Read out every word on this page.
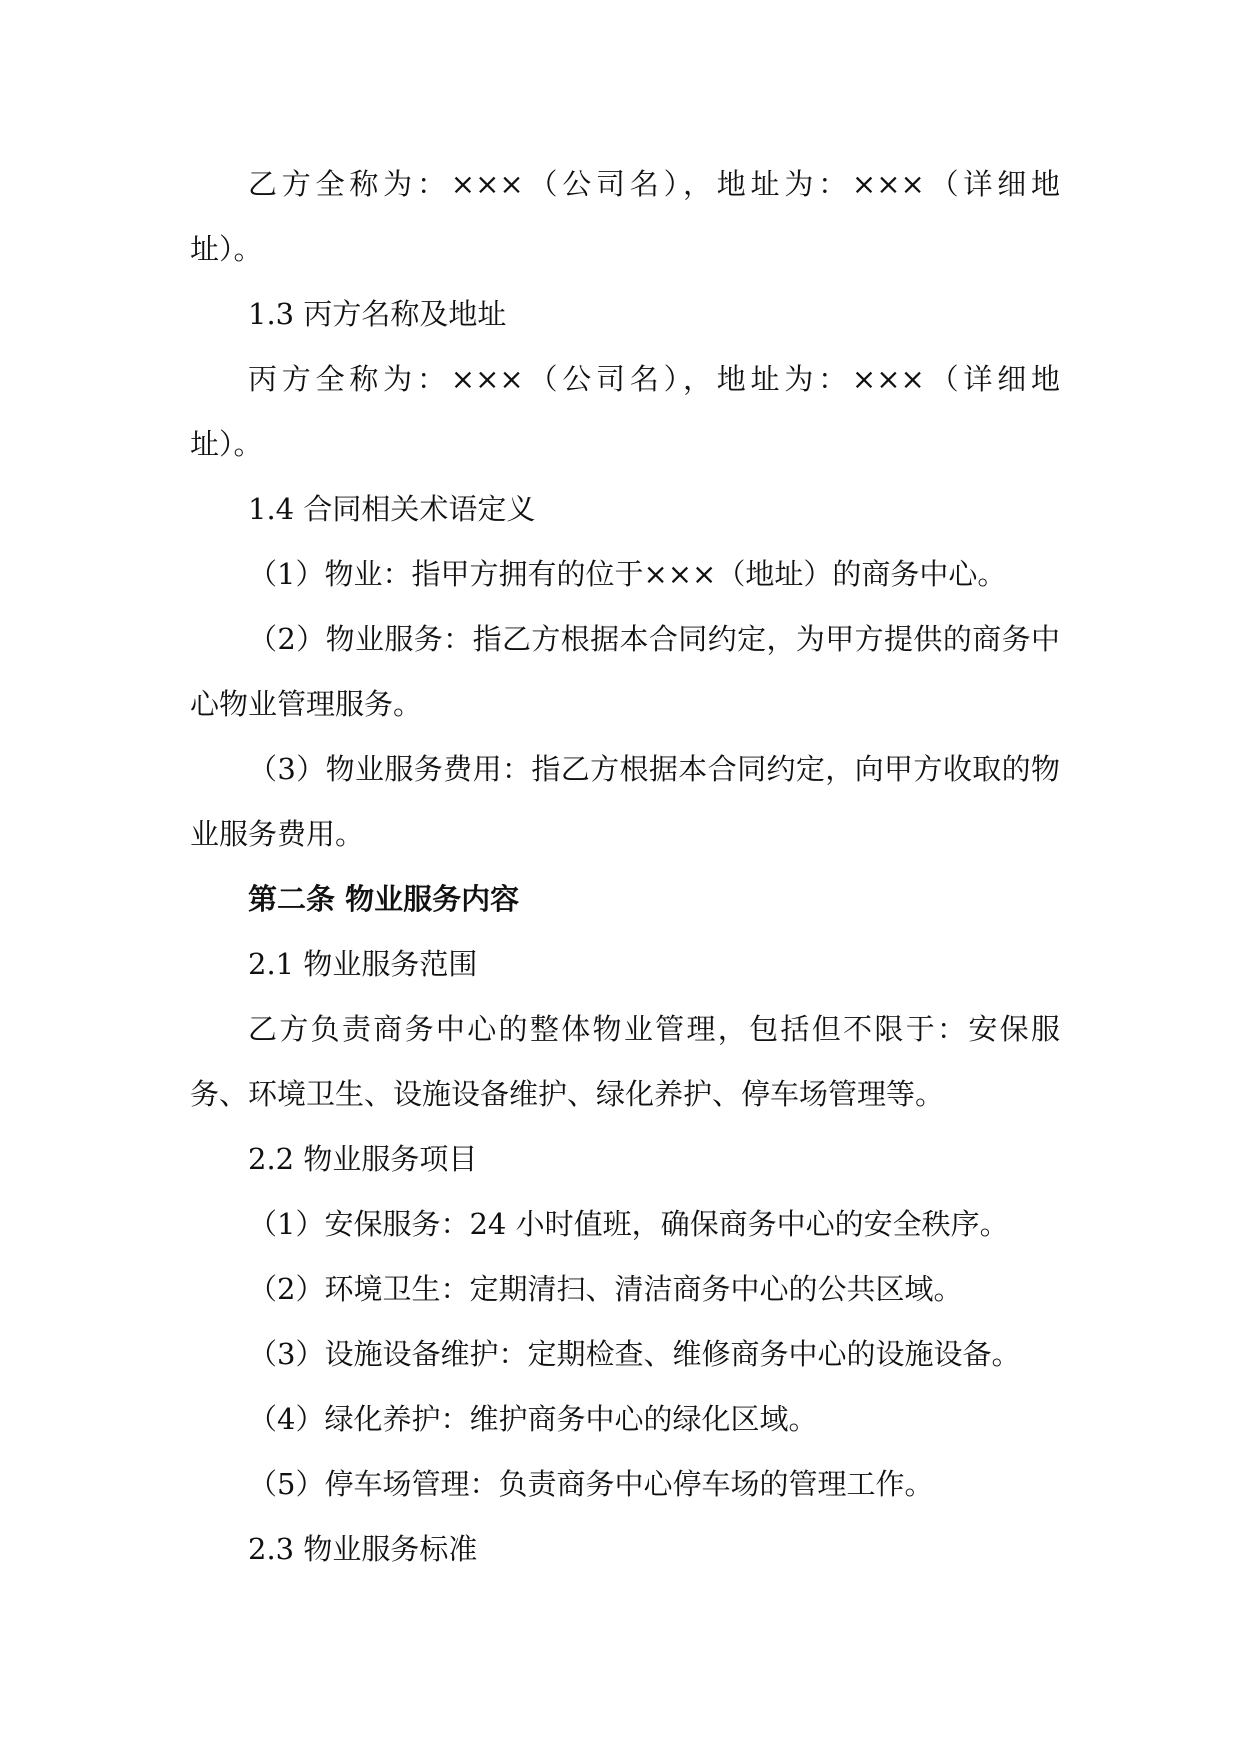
乙方全称为：×××（公司名），地址为：×××（详细地

址）。

1.3 丙方名称及地址

丙方全称为：×××（公司名），地址为：×××（详细地

址）。

1.4 合同相关术语定义

（1）物业：指甲方拥有的位于×××（地址）的商务中心。

（2）物业服务：指乙方根据本合同约定，为甲方提供的商务中

心物业管理服务。

（3）物业服务费用：指乙方根据本合同约定，向甲方收取的物

业服务费用。

第二条 物业服务内容

2.1 物业服务范围

乙方负责商务中心的整体物业管理，包括但不限于：安保服

务、环境卫生、设施设备维护、绿化养护、停车场管理等。

2.2 物业服务项目

（1）安保服务：24 小时值班，确保商务中心的安全秩序。

（2）环境卫生：定期清扫、清洁商务中心的公共区域。

（3）设施设备维护：定期检查、维修商务中心的设施设备。

（4）绿化养护：维护商务中心的绿化区域。

（5）停车场管理：负责商务中心停车场的管理工作。

2.3 物业服务标准
